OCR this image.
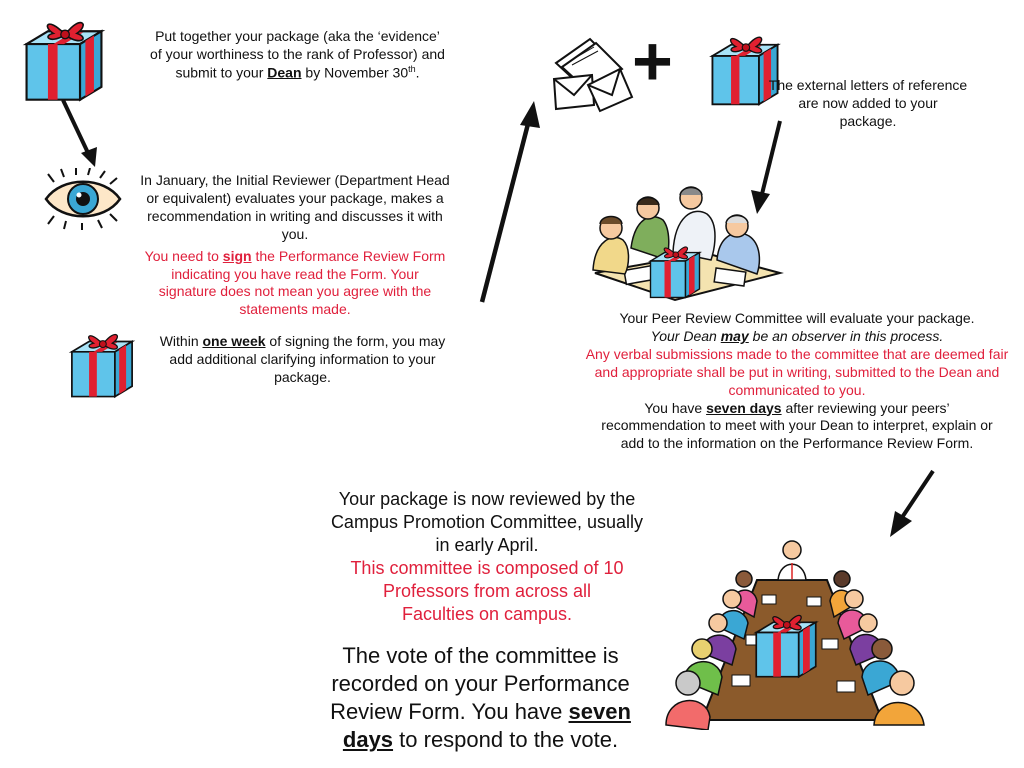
Put together your package (aka the ‘evidence’
of your worthiness to the rank of Professor) and
submit to your Dean by November 30th.
In January, the Initial Reviewer (Department Head or equivalent) evaluates your package, makes a recommendation in writing and discusses it with you.
You need to sign the Performance Review Form indicating you have read the Form. Your signature does not mean you agree with the statements made.
Within one week of signing the form, you may add additional clarifying information to your package.
+	The external letters of reference are now added to your package.
Your Peer Review Committee will evaluate your package.
Your Dean may be an observer in this process.
Any verbal submissions made to the committee that are deemed fair and appropriate shall be put in writing, submitted to the Dean and communicated to you.
You have seven days after reviewing your peers’ recommendation to meet with your Dean to interpret, explain or add to the information on the Performance Review Form.
Your package is now reviewed by the Campus Promotion Committee, usually in early April.
This committee is composed of 10 Professors from across all Faculties on campus.
The vote of the committee is recorded on your Performance Review Form. You have seven days to respond to the vote.
